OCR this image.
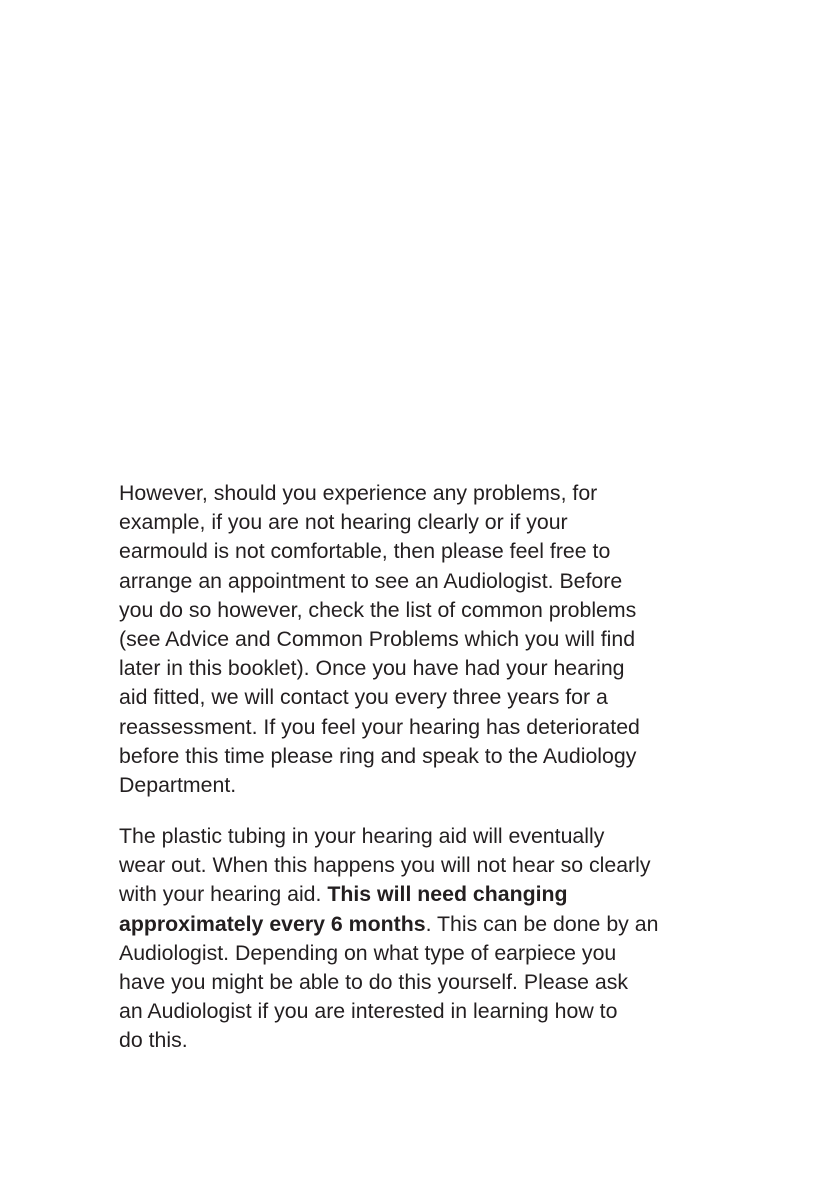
However, should you experience any problems, for
example, if you are not hearing clearly or if your
earmould is not comfortable, then please feel free to
arrange an appointment to see an Audiologist. Before
you do so however, check the list of common problems
(see Advice and Common Problems which you will find
later in this booklet). Once you have had your hearing
aid fitted, we will contact you every three years for a
reassessment. If you feel your hearing has deteriorated
before this time please ring and speak to the Audiology
Department.

The plastic tubing in your hearing aid will eventually
wear out. When this happens you will not hear so clearly
with your hearing aid. This will need changing
approximately every 6 months. This can be done by an
Audiologist. Depending on what type of earpiece you
have you might be able to do this yourself. Please ask
an Audiologist if you are interested in learning how to
do this.
